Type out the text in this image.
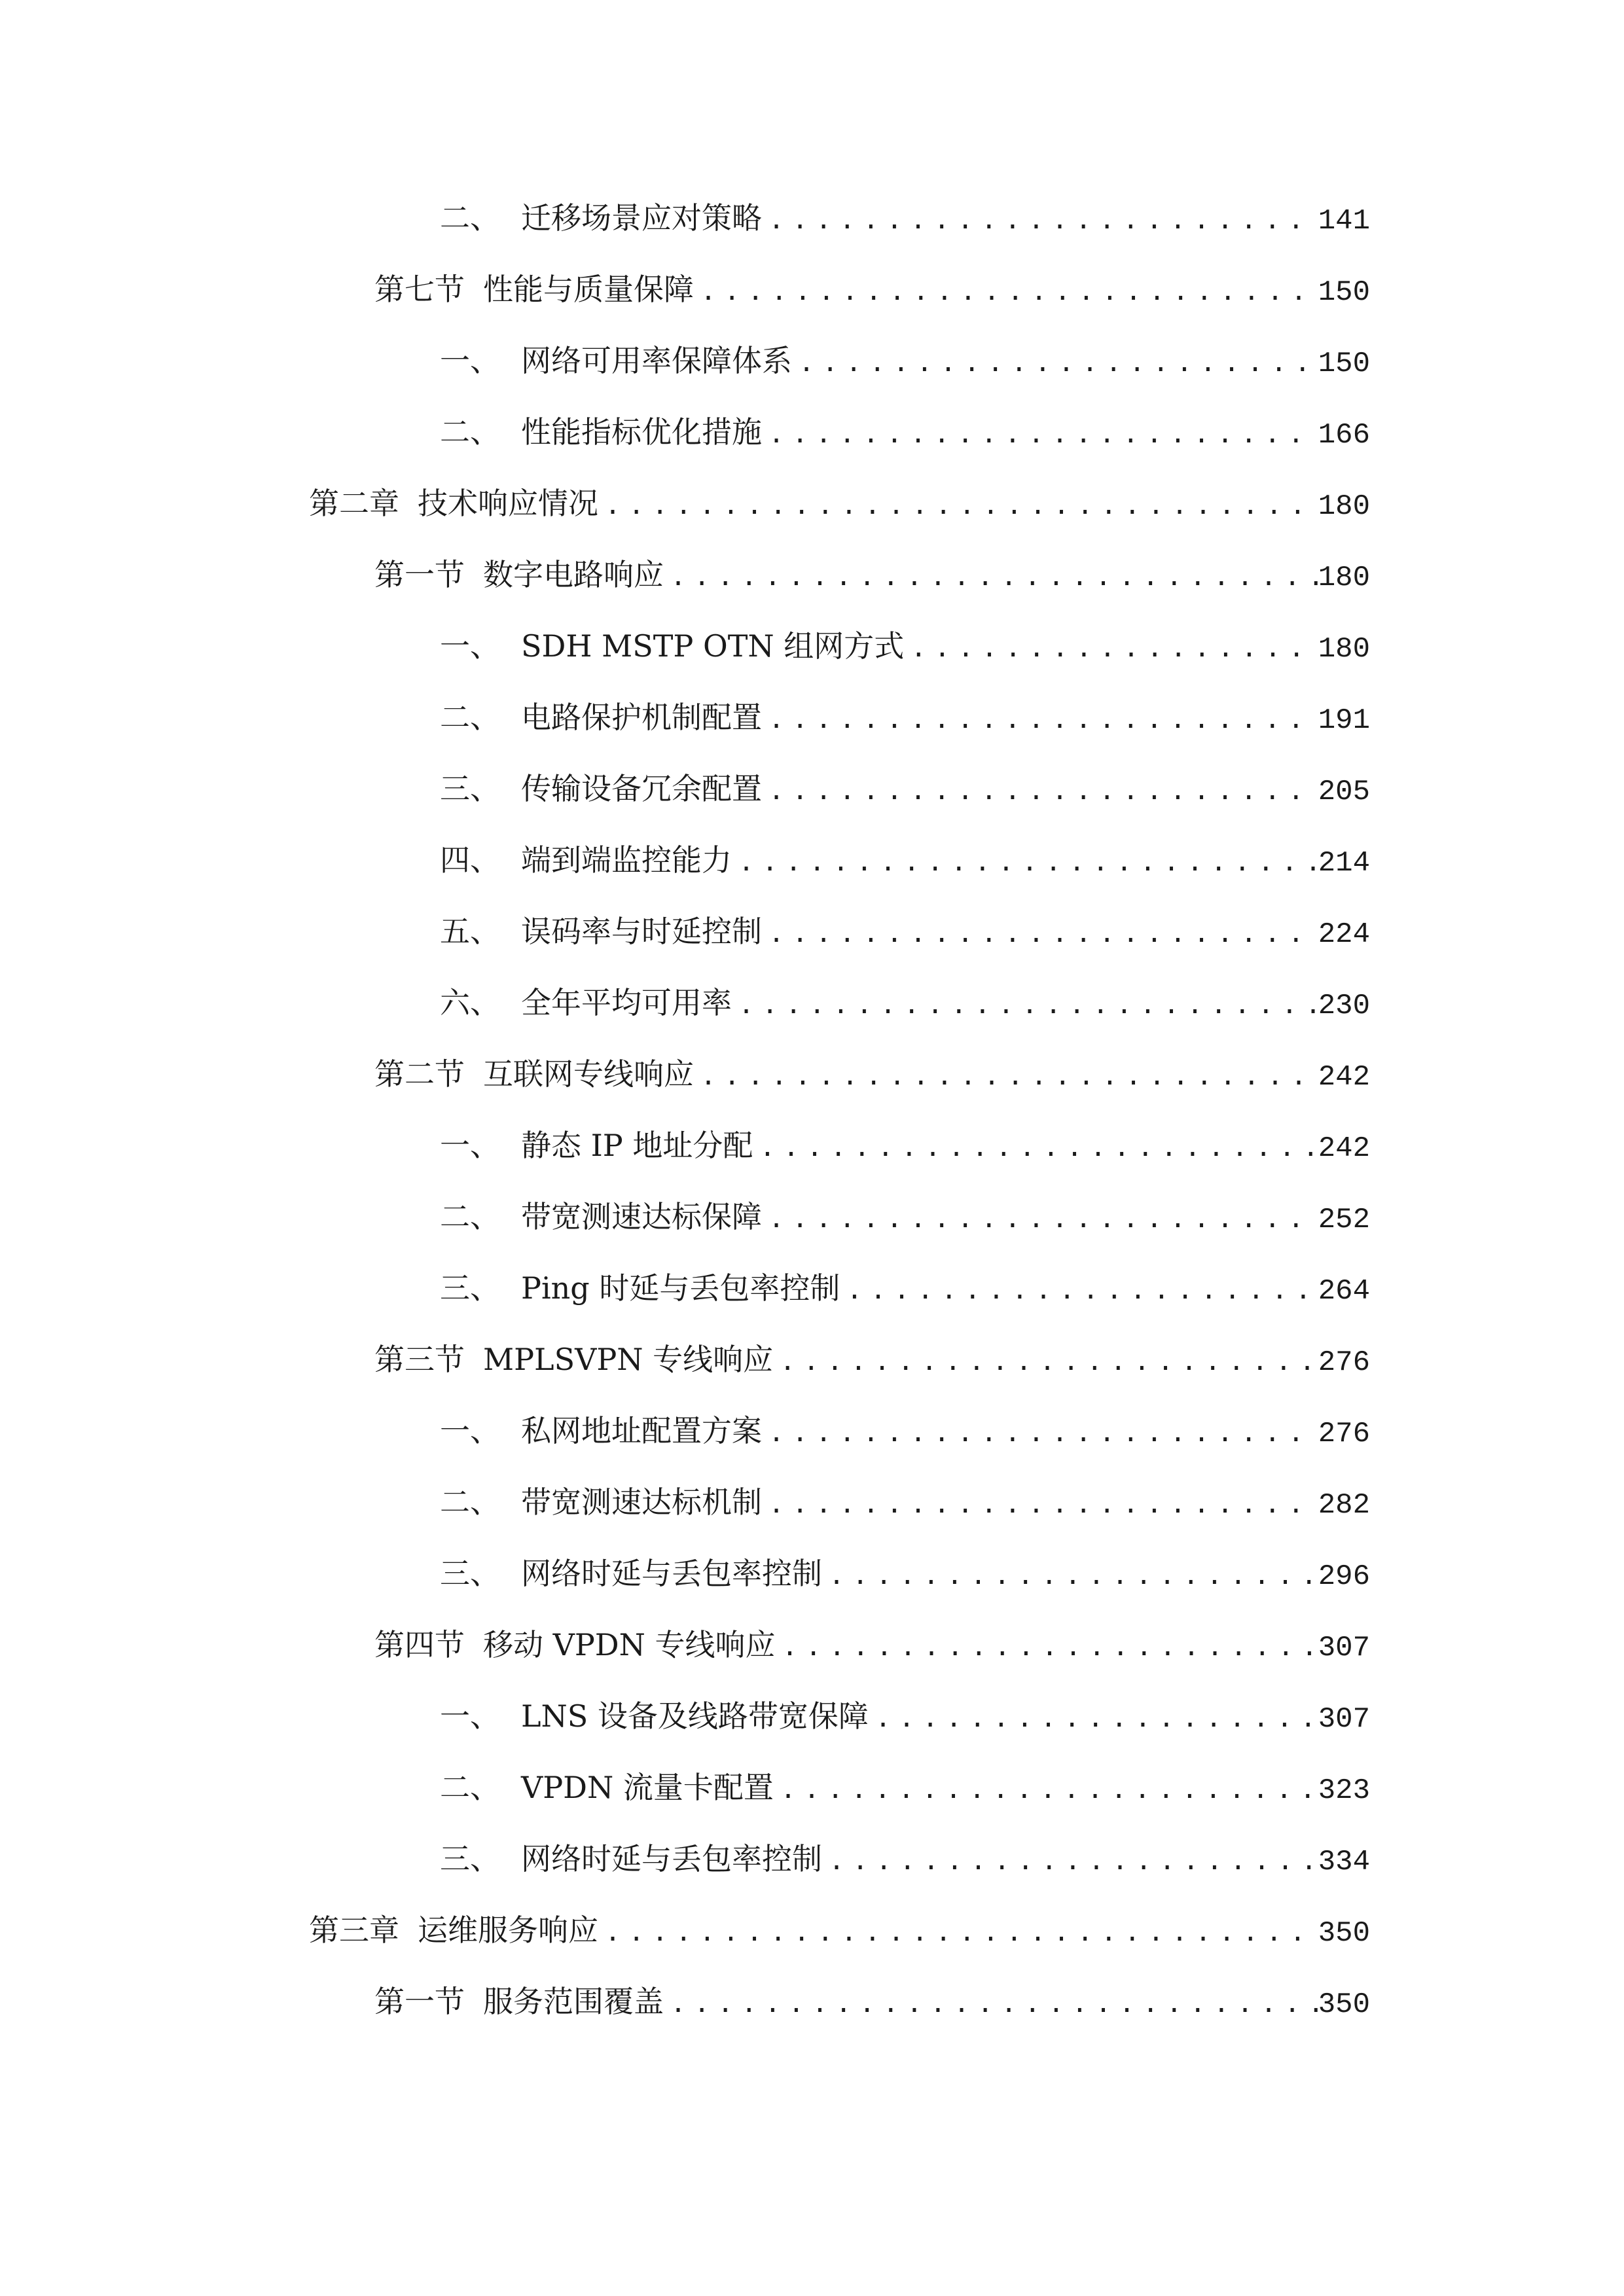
二、 迁移场景应对策略 .....	141
第七节 性能与质量保障 .....	150
一、 网络可用率保障体系 .....	150
二、 性能指标优化措施 .....	166
第二章 技术响应情况 .....	180
第一节 数字电路响应 .....	180
一、 SDH MSTP OTN 组网方式 .....	180
二、 电路保护机制配置 .....	191
三、 传输设备冗余配置 .....	205
四、 端到端监控能力 .....	214
五、 误码率与时延控制 .....	224
六、 全年平均可用率 .....	230
第二节 互联网专线响应 .....	242
一、 静态 IP 地址分配 .....	242
二、 带宽测速达标保障 .....	252
三、 Ping 时延与丢包率控制 .....	264
第三节 MPLSVPN 专线响应 .....	276
一、 私网地址配置方案 .....	276
二、 带宽测速达标机制 .....	282
三、 网络时延与丢包率控制 .....	296
第四节 移动 VPDN 专线响应 .....	307
一、 LNS 设备及线路带宽保障 .....	307
二、 VPDN 流量卡配置 .....	323
三、 网络时延与丢包率控制 .....	334
第三章 运维服务响应 .....	350
第一节 服务范围覆盖 .....	350
